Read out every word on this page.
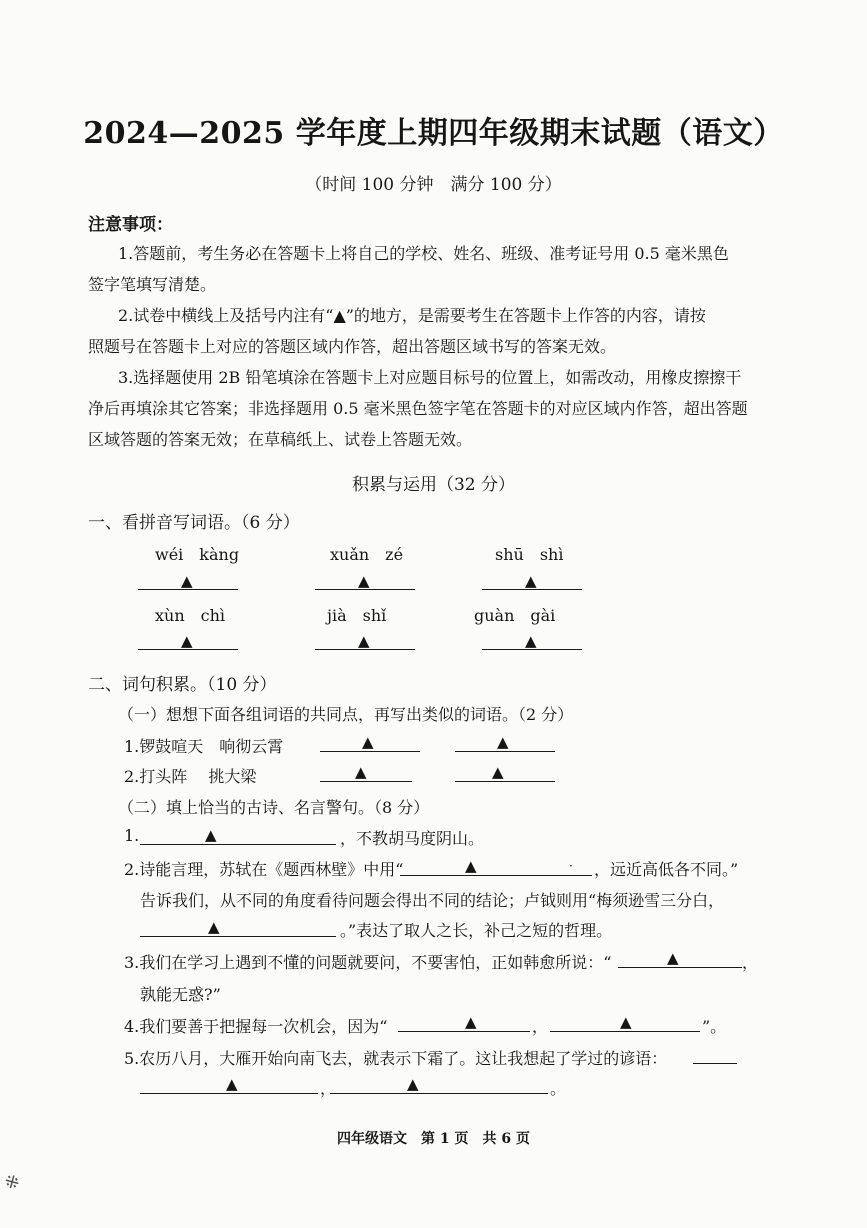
2024—2025 学年度上期四年级期末试题（语文）
（时间 100 分钟　满分 100 分）
注意事项：
1.答题前，考生务必在答题卡上将自己的学校、姓名、班级、准考证号用 0.5 毫米黑色
签字笔填写清楚。
2.试卷中横线上及括号内注有“▲”的地方，是需要考生在答题卡上作答的内容，请按
照题号在答题卡上对应的答题区域内作答，超出答题区域书写的答案无效。
3.选择题使用 2B 铅笔填涂在答题卡上对应题目标号的位置上，如需改动，用橡皮擦擦干
净后再填涂其它答案；非选择题用 0.5 毫米黑色签字笔在答题卡的对应区域内作答，超出答题
区域答题的答案无效；在草稿纸上、试卷上答题无效。
积累与运用（32 分）
一、看拼音写词语。（6 分）
wéi　kàng	xuǎn　zé	shū　shì
▲	▲	▲
xùn　chì	jià　shǐ	guàn　gài
▲	▲	▲
二、词句积累。（10 分）
（一）想想下面各组词语的共同点，再写出类似的词语。（2 分）
1.锣鼓喧天　响彻云霄	▲	▲
2.打头阵　 挑大梁	▲	▲
（二）填上恰当的古诗、名言警句。（8 分）
1.	▲	，不教胡马度阴山。
2.诗能言理，苏轼在《题西林壁》中用“	▲	· ，远近高低各不同。”
告诉我们，从不同的角度看待问题会得出不同的结论；卢钺则用“梅须逊雪三分白，
▲	。”表达了取人之长，补己之短的哲理。
3.我们在学习上遇到不懂的问题就要问，不要害怕，正如韩愈所说：“	▲	，
孰能无惑?”
4.我们要善于把握每一次机会，因为“	▲	，	▲	”。
5.农历八月，大雁开始向南飞去，就表示下霜了。这让我想起了学过的谚语：
▲	，	▲	。
四年级语文　第 1 页　共 6 页
※
